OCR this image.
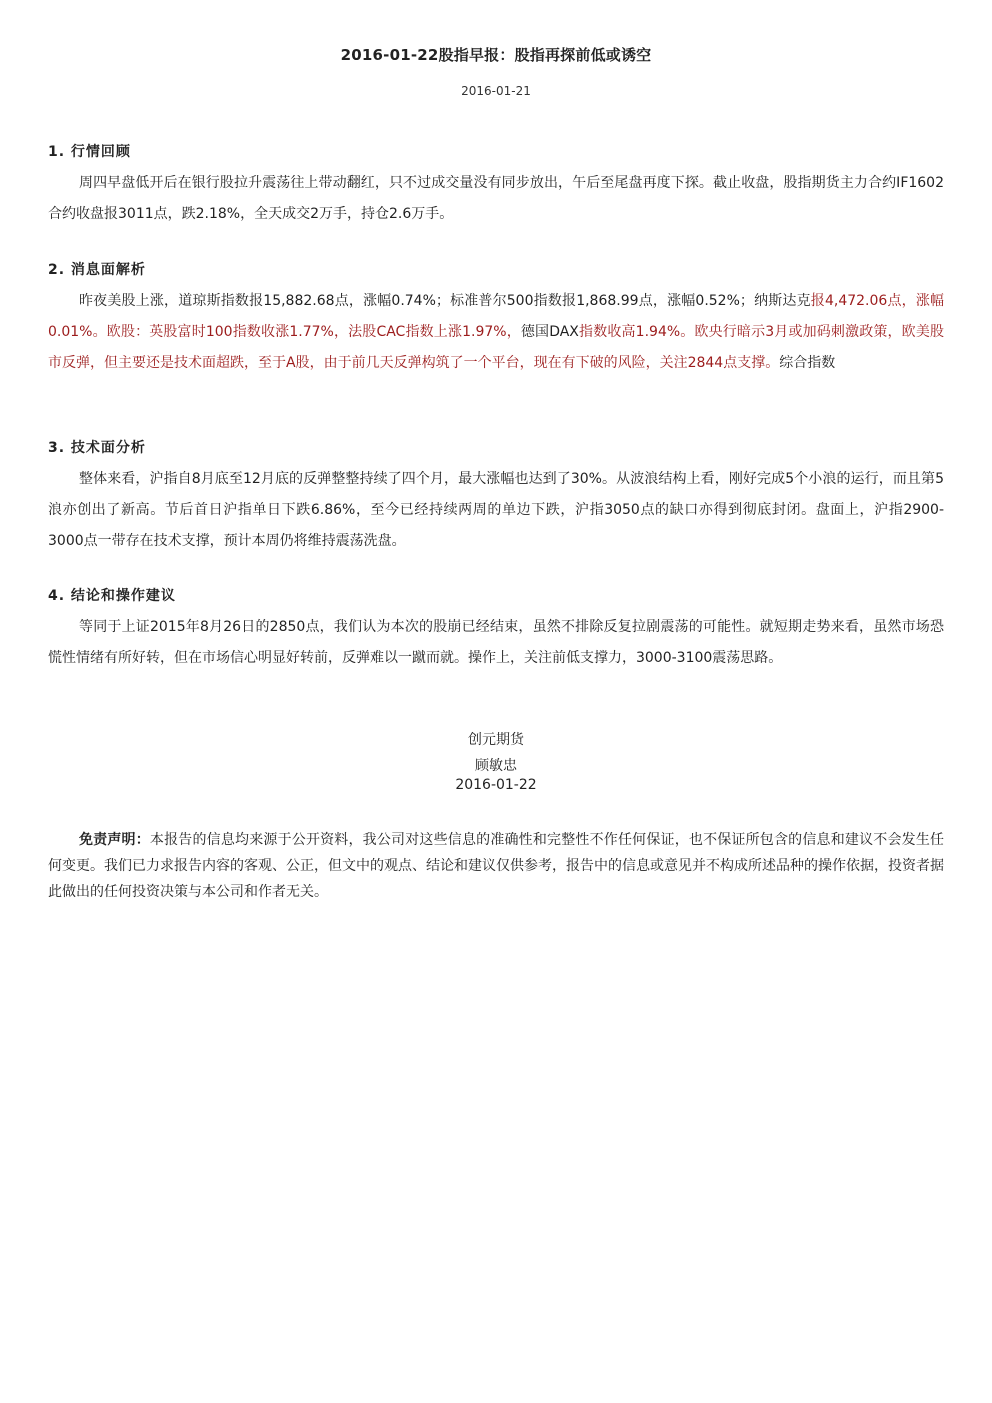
2016-01-22股指早报：股指再探前低或诱空
2016-01-21
1. 行情回顾
周四早盘低开后在银行股拉升震荡往上带动翻红，只不过成交量没有同步放出，午后至尾盘再度下探。截止收盘，股指期货主力合约IF1602合约收盘报3011点，跌2.18%，全天成交2万手，持仓2.6万手。
2. 消息面解析
昨夜美股上涨，道琼斯指数报15,882.68点，涨幅0.74%；标准普尔500指数报1,868.99点，涨幅0.52%；纳斯达克报4,472.06点，涨幅0.01%。欧股：英股富时100指数收涨1.77%，法股CAC指数上涨1.97%，德国DAX指数收高1.94%。欧央行暗示3月或加码刺激政策，欧美股市反弹，但主要还是技术面超跌，至于A股，由于前几天反弹构筑了一个平台，现在有下破的风险，关注2844点支撑。综合指数
3. 技术面分析
整体来看，沪指自8月底至12月底的反弹整整持续了四个月，最大涨幅也达到了30%。从波浪结构上看，刚好完成5个小浪的运行，而且第5浪亦创出了新高。节后首日沪指单日下跌6.86%，至今已经持续两周的单边下跌，沪指3050点的缺口亦得到彻底封闭。盘面上，沪指2900-3000点一带存在技术支撑，预计本周仍将维持震荡洗盘。
4. 结论和操作建议
等同于上证2015年8月26日的2850点，我们认为本次的股崩已经结束，虽然不排除反复拉剧震荡的可能性。就短期走势来看，虽然市场恐慌性情绪有所好转，但在市场信心明显好转前，反弹难以一蹴而就。操作上，关注前低支撑力，3000-3100震荡思路。
创元期货
顾敏忠
2016-01-22
免责声明：本报告的信息均来源于公开资料，我公司对这些信息的准确性和完整性不作任何保证，也不保证所包含的信息和建议不会发生任何变更。我们已力求报告内容的客观、公正，但文中的观点、结论和建议仅供参考，报告中的信息或意见并不构成所述品种的操作依据，投资者据此做出的任何投资决策与本公司和作者无关。
